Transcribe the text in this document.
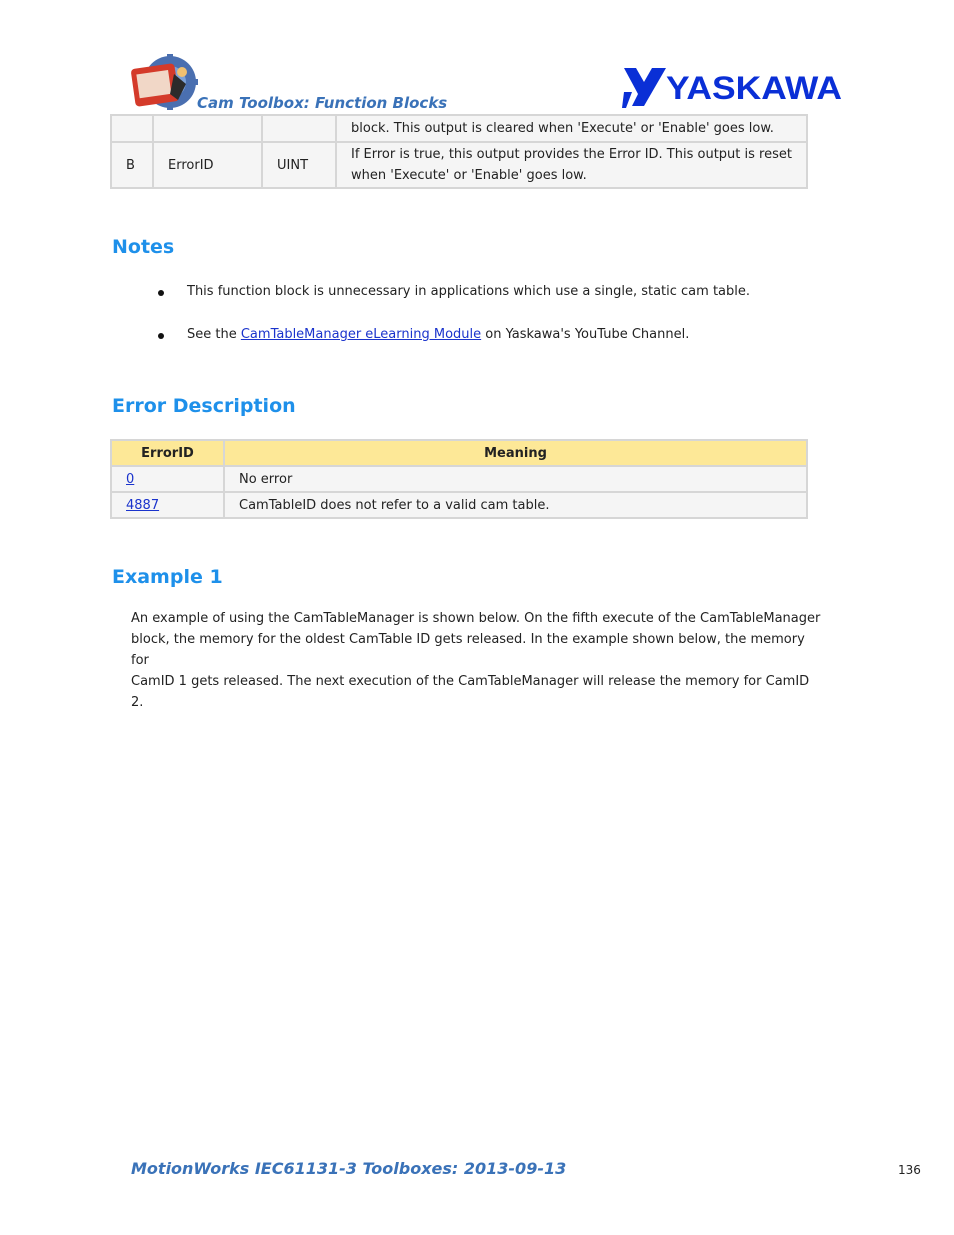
Cam Toolbox: Function Blocks	YASKAWA
			block. This output is cleared when 'Execute' or 'Enable' goes low.
B	ErrorID	UINT	If Error is true, this output provides the Error ID. This output is reset
when 'Execute' or 'Enable' goes low.
Notes
This function block is unnecessary in applications which use a single, static cam table.
See the CamTableManager eLearning Module on Yaskawa's YouTube Channel.
Error Description
ErrorID	Meaning
0	No error
4887	CamTableID does not refer to a valid cam table.
Example 1
An example of using the CamTableManager is shown below. On the fifth execute of the CamTableManager
block, the memory for the oldest CamTable ID gets released. In the example shown below, the memory for
CamID 1 gets released. The next execution of the CamTableManager will release the memory for CamID 2.
MotionWorks IEC61131-3 Toolboxes: 2013-09-13	136
